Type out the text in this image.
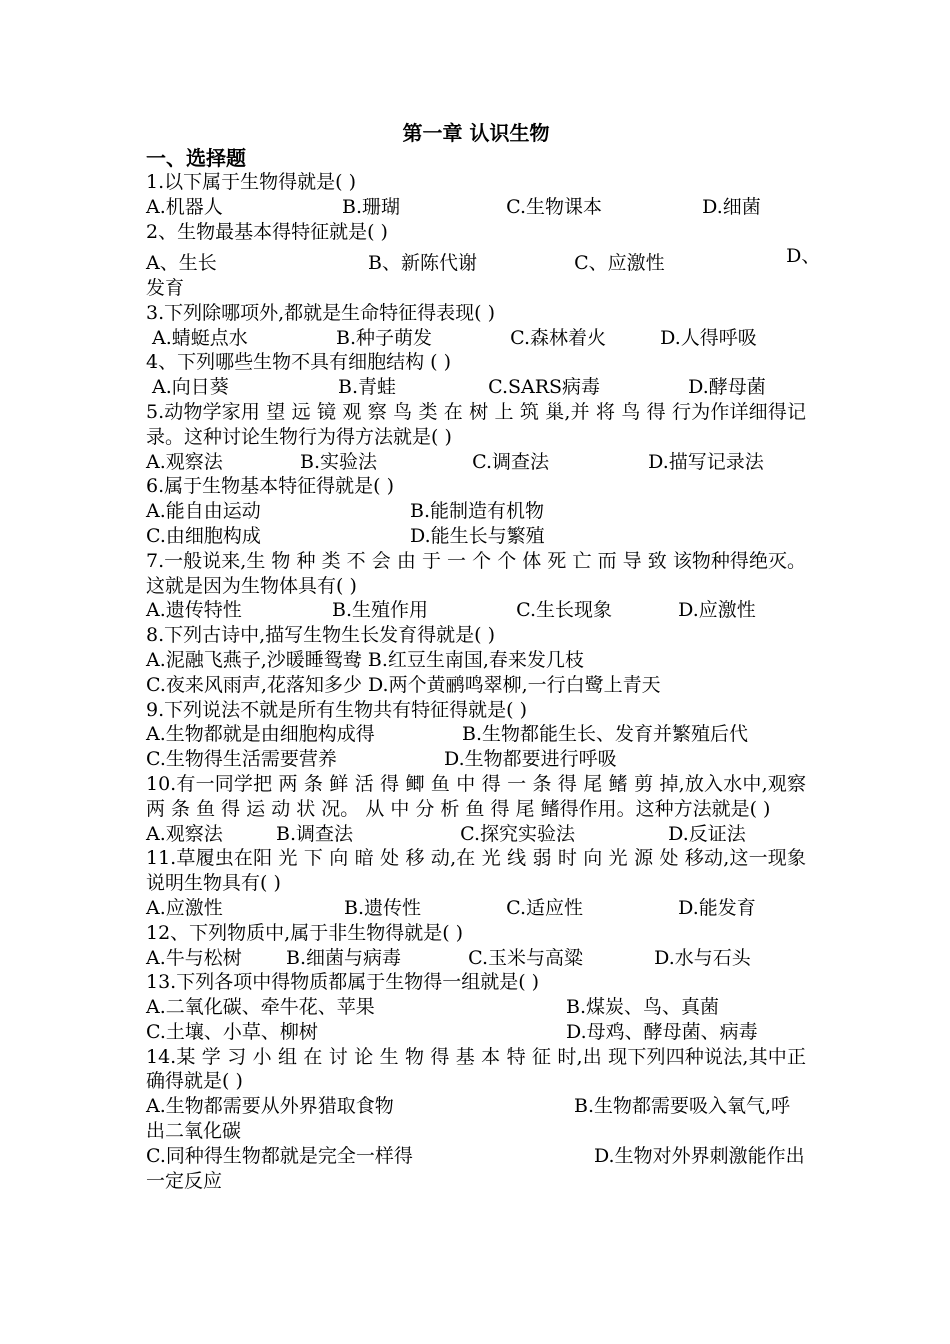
第一章 认识生物
一、选择题
1.以下属于生物得就是( )
A.机器人	B.珊瑚	C.生物课本	D.细菌
2、生物最基本得特征就是( )
A、生长	B、新陈代谢	C、应激性	D、
发育
3.下列除哪项外,都就是生命特征得表现( )
A.蜻蜓点水	B.种子萌发	C.森林着火	D.人得呼吸
4、下列哪些生物不具有细胞结构 ( )
A.向日葵	B.青蛙	C.SARS病毒	D.酵母菌
5.动物学家用 望 远 镜 观 察 鸟 类 在 树 上 筑 巢,并 将 鸟 得 行为作详细得记录。这种讨论生物行为得方法就是( )
A.观察法	B.实验法	C.调查法	D.描写记录法
6.属于生物基本特征得就是( )
A.能自由运动	B.能制造有机物
C.由细胞构成	D.能生长与繁殖
7.一般说来,生 物 种 类 不 会 由 于 一 个 个 体 死 亡 而 导 致 该物种得绝灭。这就是因为生物体具有( )
A.遗传特性	B.生殖作用	C.生长现象	D.应激性
8.下列古诗中,描写生物生长发育得就是( )
A.泥融飞燕子,沙暖睡鸳鸯 B.红豆生南国,春来发几枝
C.夜来风雨声,花落知多少 D.两个黄鹂鸣翠柳,一行白鹭上青天
9.下列说法不就是所有生物共有特征得就是( )
A.生物都就是由细胞构成得	B.生物都能生长、发育并繁殖后代
C.生物得生活需要营养	D.生物都要进行呼吸
10.有一同学把 两 条 鲜 活 得 鲫 鱼 中 得 一 条 得 尾 鳍 剪 掉,放入水中,观察 两 条 鱼 得 运 动 状 况。 从 中 分 析 鱼 得 尾 鳍得作用。这种方法就是( )
A.观察法	B.调查法	C.探究实验法	D.反证法
11.草履虫在阳 光 下 向 暗 处 移 动,在 光 线 弱 时 向 光 源 处 移动,这一现象说明生物具有( )
A.应激性	B.遗传性	C.适应性	D.能发育
12、下列物质中,属于非生物得就是( )
A.牛与松树 B.细菌与病毒	C.玉米与高粱	D.水与石头
13.下列各项中得物质都属于生物得一组就是( )
A.二氧化碳、牵牛花、苹果	B.煤炭、鸟、真菌
C.土壤、小草、柳树	D.母鸡、酵母菌、病毒
14.某 学 习 小 组 在 讨 论 生 物 得 基 本 特 征 时,出 现下列四种说法,其中正确得就是( )
A.生物都需要从外界猎取食物	B.生物都需要吸入氧气,呼出二氧化碳
C.同种得生物都就是完全一样得	D.生物对外界刺激能作出一定反应
